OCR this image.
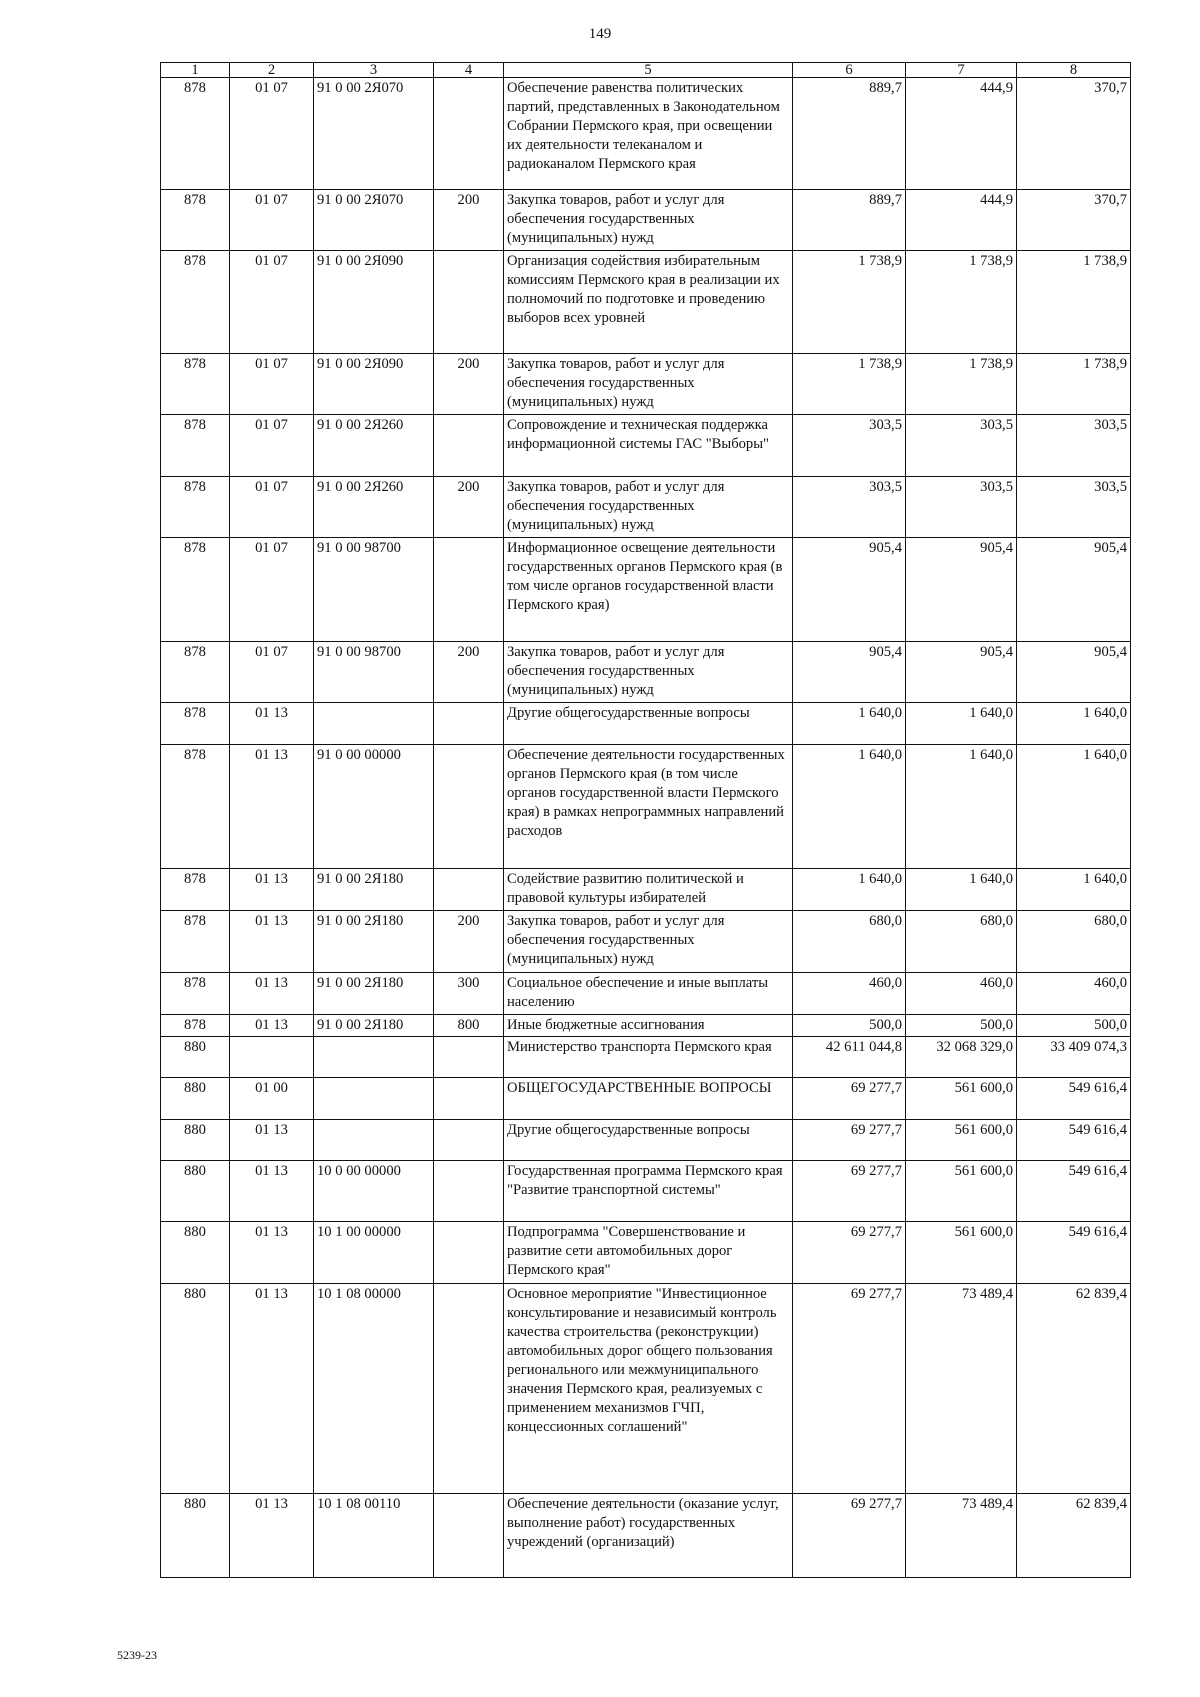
149
1	2	3	4	5	6	7	8
878	01 07	91 0 00 2Я070		Обеспечение равенства политических партий, представленных в Законодательном Собрании Пермского края, при освещении их деятельности телеканалом и радиоканалом Пермского края	889,7	444,9	370,7
878	01 07	91 0 00 2Я070	200	Закупка товаров, работ и услуг для обеспечения государственных (муниципальных) нужд	889,7	444,9	370,7
878	01 07	91 0 00 2Я090		Организация содействия избирательным комиссиям Пермского края в реализации их полномочий по подготовке и проведению выборов всех уровней	1 738,9	1 738,9	1 738,9
878	01 07	91 0 00 2Я090	200	Закупка товаров, работ и услуг для обеспечения государственных (муниципальных) нужд	1 738,9	1 738,9	1 738,9
878	01 07	91 0 00 2Я260		Сопровождение и техническая поддержка информационной системы ГАС "Выборы"	303,5	303,5	303,5
878	01 07	91 0 00 2Я260	200	Закупка товаров, работ и услуг для обеспечения государственных (муниципальных) нужд	303,5	303,5	303,5
878	01 07	91 0 00 98700		Информационное освещение деятельности государственных органов Пермского края (в том числе органов государственной власти Пермского края)	905,4	905,4	905,4
878	01 07	91 0 00 98700	200	Закупка товаров, работ и услуг для обеспечения государственных (муниципальных) нужд	905,4	905,4	905,4
878	01 13			Другие общегосударственные вопросы	1 640,0	1 640,0	1 640,0
878	01 13	91 0 00 00000		Обеспечение деятельности государственных органов Пермского края (в том числе органов государственной власти Пермского края) в рамках непрограммных направлений расходов	1 640,0	1 640,0	1 640,0
878	01 13	91 0 00 2Я180		Содействие развитию политической и правовой культуры избирателей	1 640,0	1 640,0	1 640,0
878	01 13	91 0 00 2Я180	200	Закупка товаров, работ и услуг для обеспечения государственных (муниципальных) нужд	680,0	680,0	680,0
878	01 13	91 0 00 2Я180	300	Социальное обеспечение и иные выплаты населению	460,0	460,0	460,0
878	01 13	91 0 00 2Я180	800	Иные бюджетные ассигнования	500,0	500,0	500,0
880				Министерство транспорта Пермского края	42 611 044,8	32 068 329,0	33 409 074,3
880	01 00			ОБЩЕГОСУДАРСТВЕННЫЕ ВОПРОСЫ	69 277,7	561 600,0	549 616,4
880	01 13			Другие общегосударственные вопросы	69 277,7	561 600,0	549 616,4
880	01 13	10 0 00 00000		Государственная программа Пермского края "Развитие транспортной системы"	69 277,7	561 600,0	549 616,4
880	01 13	10 1 00 00000		Подпрограмма "Совершенствование и развитие сети автомобильных дорог Пермского края"	69 277,7	561 600,0	549 616,4
880	01 13	10 1 08 00000		Основное мероприятие "Инвестиционное консультирование и независимый контроль качества строительства (реконструкции) автомобильных дорог общего пользования регионального или межмуниципального значения Пермского края, реализуемых с применением механизмов ГЧП, концессионных соглашений"	69 277,7	73 489,4	62 839,4
880	01 13	10 1 08 00110		Обеспечение деятельности (оказание услуг, выполнение работ) государственных учреждений (организаций)	69 277,7	73 489,4	62 839,4
5239-23
